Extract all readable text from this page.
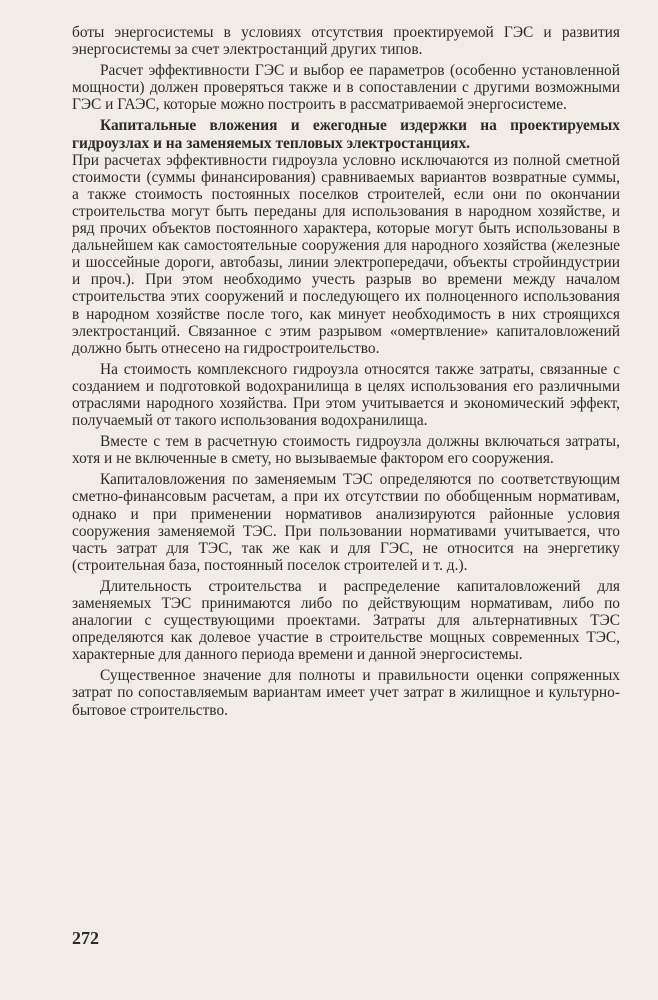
боты энергосистемы в условиях отсутствия проектируемой ГЭС и развития энергосистемы за счет электростанций других типов.

Расчет эффективности ГЭС и выбор ее параметров (особенно установленной мощности) должен проверяться также и в сопоставлении с другими возможными ГЭС и ГАЭС, которые можно построить в рассматриваемой энергосистеме.

Капитальные вложения и ежегодные издержки на проектируемых гидроузлах и на заменяемых тепловых электростанциях.
При расчетах эффективности гидроузла условно исключаются из полной сметной стоимости (суммы финансирования) сравниваемых вариантов возвратные суммы, а также стоимость постоянных поселков строителей, если они по окончании строительства могут быть переданы для использования в народном хозяйстве, и ряд прочих объектов постоянного характера, которые могут быть использованы в дальнейшем как самостоятельные сооружения для народного хозяйства (железные и шоссейные дороги, автобазы, линии электропередачи, объекты стройиндустрии и проч.). При этом необходимо учесть разрыв во времени между началом строительства этих сооружений и последующего их полноценного использования в народном хозяйстве после того, как минует необходимость в них строящихся электростанций. Связанное с этим разрывом «омертвление» капиталовложений должно быть отнесено на гидростроительство.

На стоимость комплексного гидроузла относятся также затраты, связанные с созданием и подготовкой водохранилища в целях использования его различными отраслями народного хозяйства. При этом учитывается и экономический эффект, получаемый от такого использования водохранилища.

Вместе с тем в расчетную стоимость гидроузла должны включаться затраты, хотя и не включенные в смету, но вызываемые фактором его сооружения.

Капиталовложения по заменяемым ТЭС определяются по соответствующим сметно-финансовым расчетам, а при их отсутствии по обобщенным нормативам, однако и при применении нормативов анализируются районные условия сооружения заменяемой ТЭС. При пользовании нормативами учитывается, что часть затрат для ТЭС, так же как и для ГЭС, не относится на энергетику (строительная база, постоянный поселок строителей и т. д.).

Длительность строительства и распределение капиталовложений для заменяемых ТЭС принимаются либо по действующим нормативам, либо по аналогии с существующими проектами. Затраты для альтернативных ТЭС определяются как долевое участие в строительстве мощных современных ТЭС, характерные для данного периода времени и данной энергосистемы.

Существенное значение для полноты и правильности оценки сопряженных затрат по сопоставляемым вариантам имеет учет затрат в жилищное и культурно-бытовое строительство.

272
